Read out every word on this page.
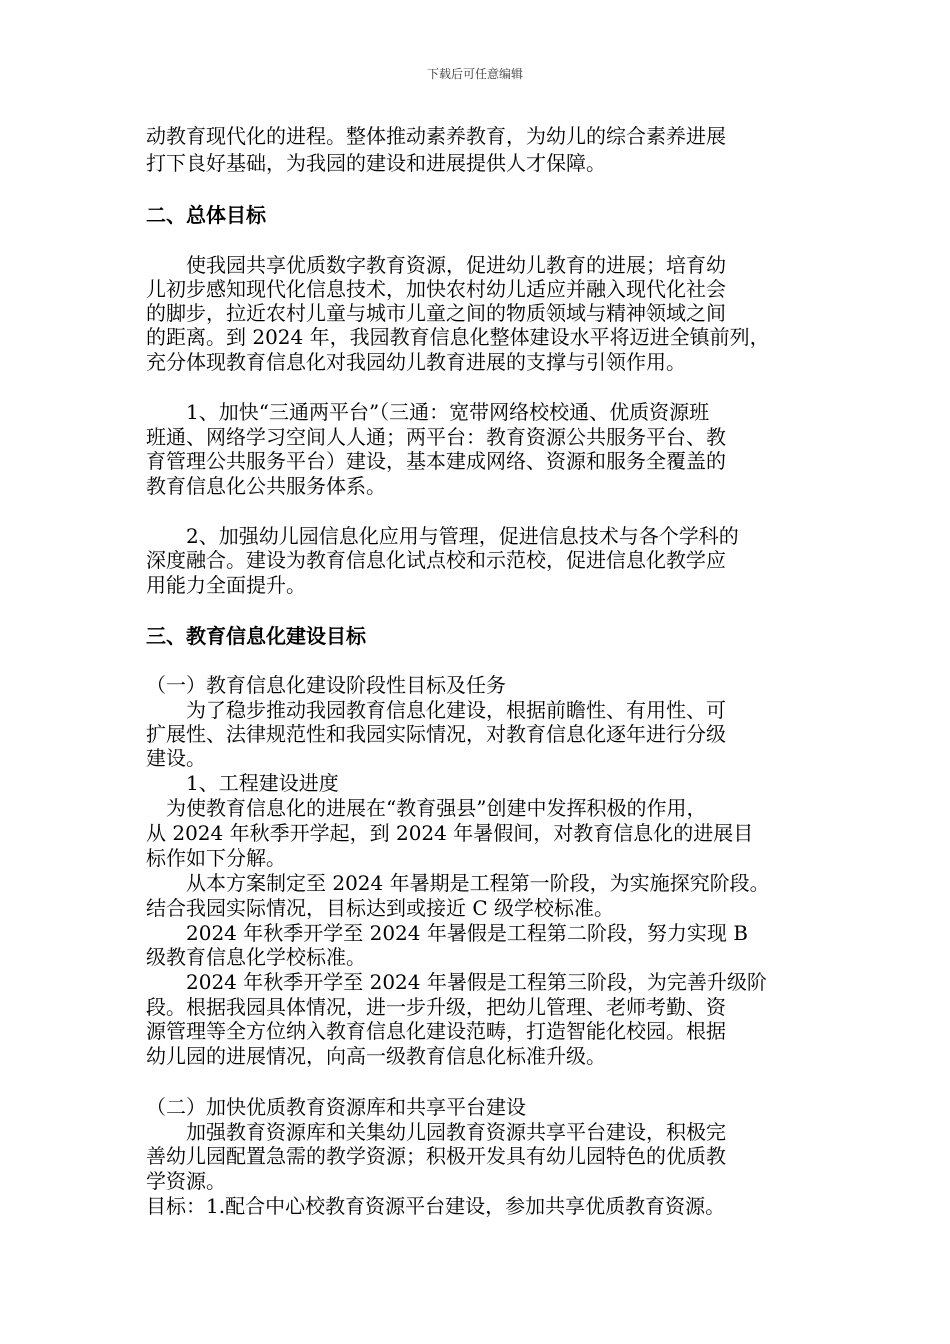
下载后可任意编辑
动教育现代化的进程。整体推动素养教育，为幼儿的综合素养进展
打下良好基础，为我园的建设和进展提供人才保障。
二、总体目标
　　使我园共享优质数字教育资源，促进幼儿教育的进展；培育幼
儿初步感知现代化信息技术，加快农村幼儿适应并融入现代化社会
的脚步，拉近农村儿童与城市儿童之间的物质领域与精神领域之间
的距离。到 2024 年，我园教育信息化整体建设水平将迈进全镇前列，
充分体现教育信息化对我园幼儿教育进展的支撑与引领作用。
　　1、加快“三通两平台”（三通：宽带网络校校通、优质资源班
班通、网络学习空间人人通；两平台：教育资源公共服务平台、教
育管理公共服务平台）建设，基本建成网络、资源和服务全覆盖的
教育信息化公共服务体系。
　　2、加强幼儿园信息化应用与管理，促进信息技术与各个学科的
深度融合。建设为教育信息化试点校和示范校，促进信息化教学应
用能力全面提升。
三、教育信息化建设目标
（一）教育信息化建设阶段性目标及任务
　　为了稳步推动我园教育信息化建设，根据前瞻性、有用性、可
扩展性、法律规范性和我园实际情况，对教育信息化逐年进行分级
建设。
　　1、工程建设进度
　为使教育信息化的进展在“教育强县”创建中发挥积极的作用，
从 2024 年秋季开学起，到 2024 年暑假间，对教育信息化的进展目
标作如下分解。
　　从本方案制定至 2024 年暑期是工程第一阶段，为实施探究阶段。
结合我园实际情况，目标达到或接近 C 级学校标准。
　　2024 年秋季开学至 2024 年暑假是工程第二阶段，努力实现 B
级教育信息化学校标准。
　　2024 年秋季开学至 2024 年暑假是工程第三阶段，为完善升级阶
段。根据我园具体情况，进一步升级，把幼儿管理、老师考勤、资
源管理等全方位纳入教育信息化建设范畴，打造智能化校园。根据
幼儿园的进展情况，向高一级教育信息化标准升级。
（二）加快优质教育资源库和共享平台建设
　　加强教育资源库和关集幼儿园教育资源共享平台建设，积极完
善幼儿园配置急需的教学资源；积极开发具有幼儿园特色的优质教
学资源。
目标：1.配合中心校教育资源平台建设，参加共享优质教育资源。
